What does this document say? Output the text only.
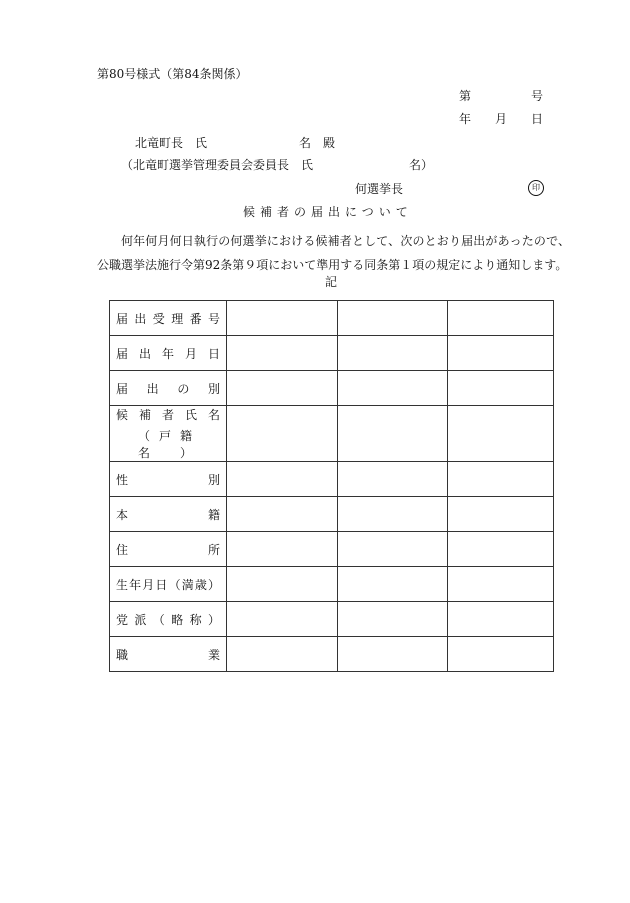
第80号様式（第84条関係）
第	号
年 月 日
北竜町長　氏	名　殿
（北竜町選挙管理委員会委員長　氏　　　　　　　　名）
何選挙長	印
候補者の届出について
何年何月何日執行の何選挙における候補者として、次のとおり届出があったので、公職選挙法施行令第92条第９項において準用する同条第１項の規定により通知します。
記
届出受理番号			

届出年月日			

届出の別			

候補者氏名
（戸籍名）			

性別			

本籍			

住所			

生年月日（満歳）			

党派（略称）			

職業			
